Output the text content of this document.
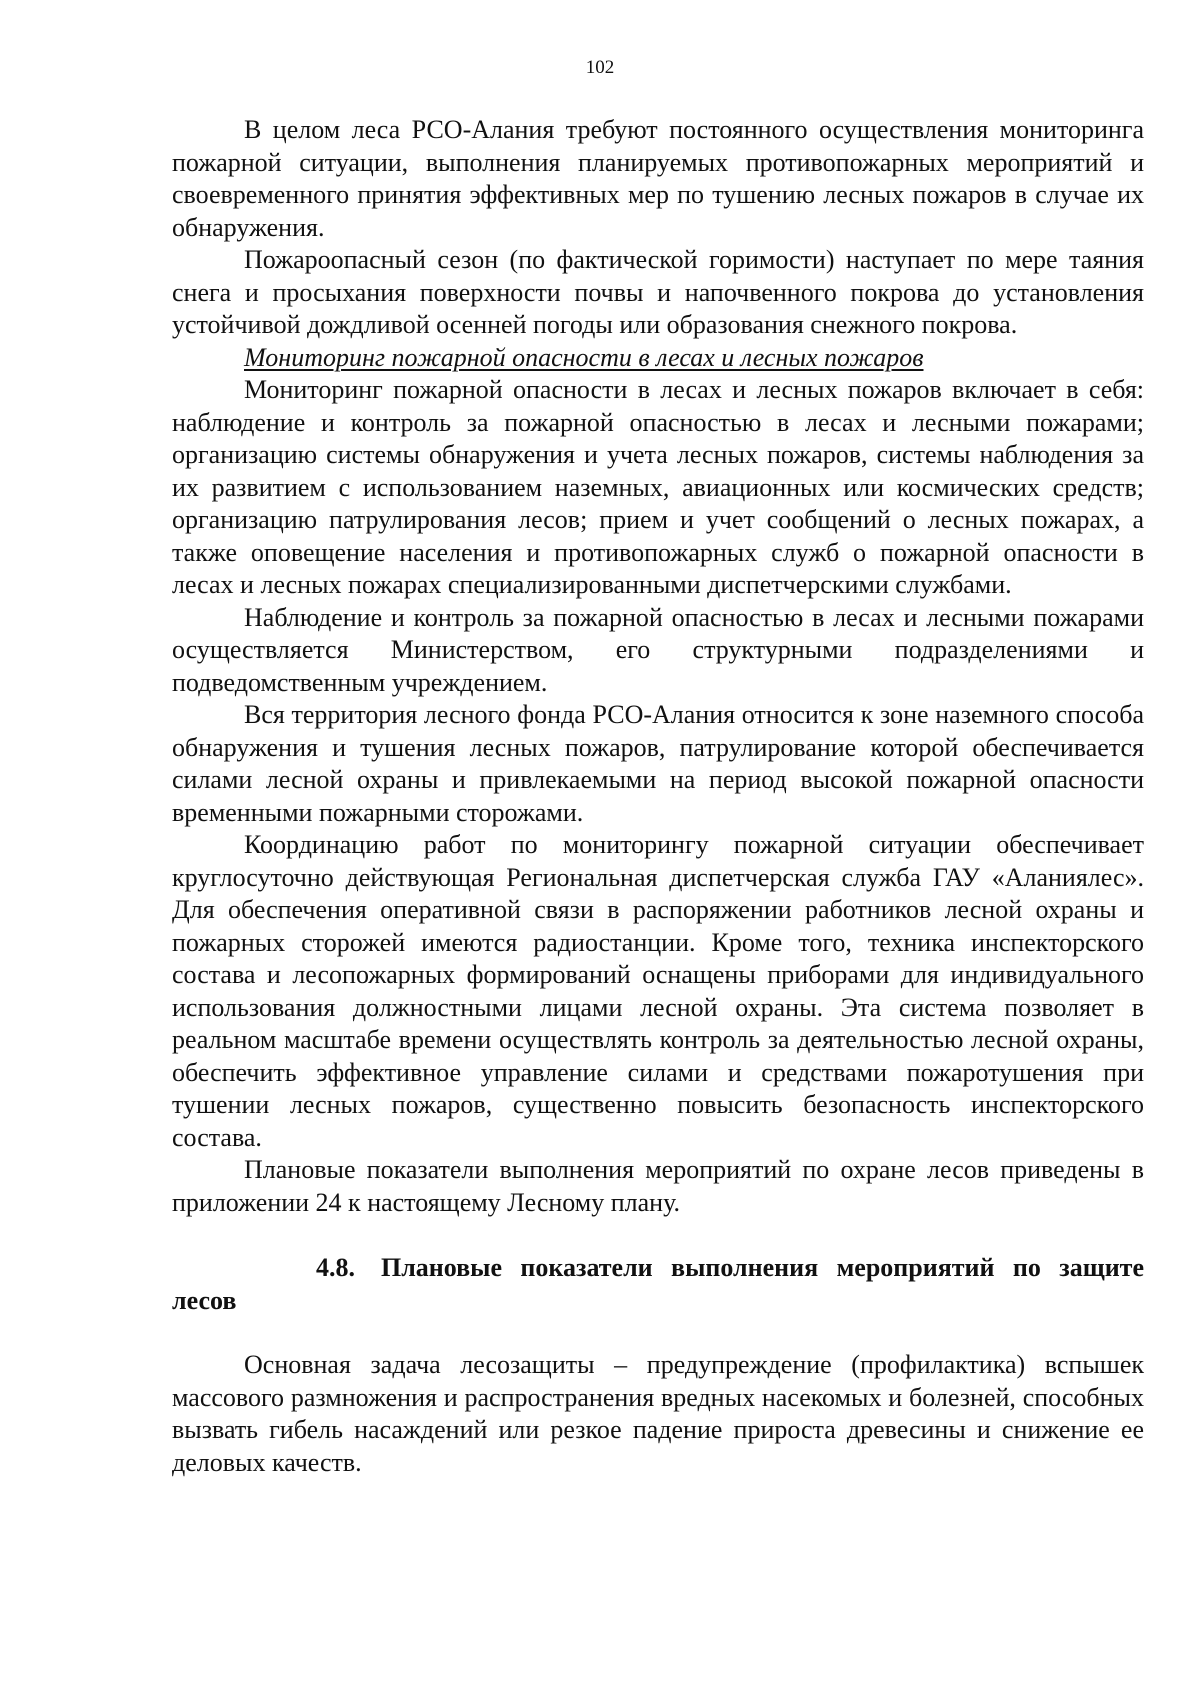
102

В целом леса РСО-Алания требуют постоянного осуществления мониторинга пожарной ситуации, выполнения планируемых противопожарных мероприятий и своевременного принятия эффективных мер по тушению лесных пожаров в случае их обнаружения.

Пожароопасный сезон (по фактической горимости) наступает по мере таяния снега и просыхания поверхности почвы и напочвенного покрова до установления устойчивой дождливой осенней погоды или образования снежного покрова.

Мониторинг пожарной опасности в лесах и лесных пожаров

Мониторинг пожарной опасности в лесах и лесных пожаров включает в себя: наблюдение и контроль за пожарной опасностью в лесах и лесными пожарами; организацию системы обнаружения и учета лесных пожаров, системы наблюдения за их развитием с использованием наземных, авиационных или космических средств; организацию патрулирования лесов; прием и учет сообщений о лесных пожарах, а также оповещение населения и противопожарных служб о пожарной опасности в лесах и лесных пожарах специализированными диспетчерскими службами.

Наблюдение и контроль за пожарной опасностью в лесах и лесными пожарами осуществляется Министерством, его структурными подразделениями и подведомственным учреждением.

Вся территория лесного фонда РСО-Алания относится к зоне наземного способа обнаружения и тушения лесных пожаров, патрулирование которой обеспечивается силами лесной охраны и привлекаемыми на период высокой пожарной опасности временными пожарными сторожами.

Координацию работ по мониторингу пожарной ситуации обеспечивает круглосуточно действующая Региональная диспетчерская служба ГАУ «Аланиялес». Для обеспечения оперативной связи в распоряжении работников лесной охраны и пожарных сторожей имеются радиостанции. Кроме того, техника инспекторского состава и лесопожарных формирований оснащены приборами для индивидуального использования должностными лицами лесной охраны. Эта система позволяет в реальном масштабе времени осуществлять контроль за деятельностью лесной охраны, обеспечить эффективное управление силами и средствами пожаротушения при тушении лесных пожаров, существенно повысить безопасность инспекторского состава.

Плановые показатели выполнения мероприятий по охране лесов приведены в приложении 24 к настоящему Лесному плану.

4.8. Плановые показатели выполнения мероприятий по защите лесов

Основная задача лесозащиты – предупреждение (профилактика) вспышек массового размножения и распространения вредных насекомых и болезней, способных вызвать гибель насаждений или резкое падение прироста древесины и снижение ее деловых качеств.
